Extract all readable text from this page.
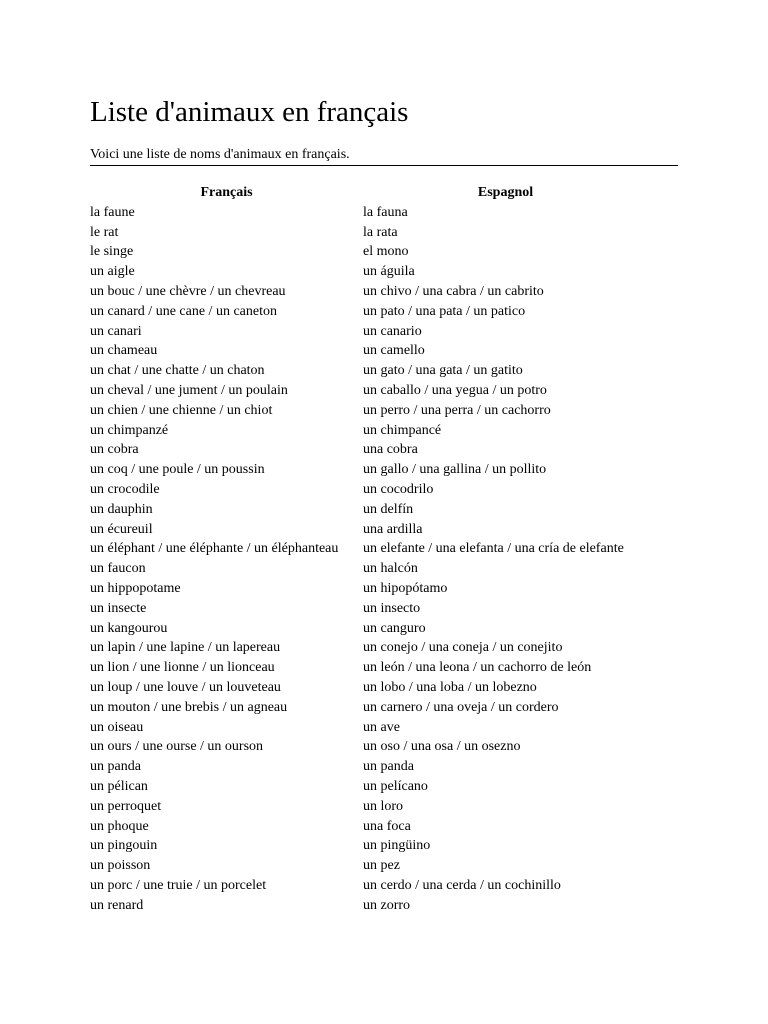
Liste d'animaux en français
Voici une liste de noms d'animaux en français.
Français	Espagnol
la faune	la fauna
le rat	la rata
le singe	el mono
un aigle	un águila
un bouc / une chèvre / un chevreau	un chivo / una cabra / un cabrito
un canard / une cane / un caneton	un pato / una pata / un patico
un canari	un canario
un chameau	un camello
un chat / une chatte / un chaton	un gato / una gata / un gatito
un cheval / une jument / un poulain	un caballo / una yegua / un potro
un chien / une chienne / un chiot	un perro / una perra / un cachorro
un chimpanzé	un chimpancé
un cobra	una cobra
un coq / une poule / un poussin	un gallo / una gallina / un pollito
un crocodile	un cocodrilo
un dauphin	un delfín
un écureuil	una ardilla
un éléphant / une éléphante / un éléphanteau	un elefante / una elefanta / una cría de elefante
un faucon	un halcón
un hippopotame	un hipopótamo
un insecte	un insecto
un kangourou	un canguro
un lapin / une lapine / un lapereau	un conejo / una coneja / un conejito
un lion / une lionne / un lionceau	un león / una leona / un cachorro de león
un loup / une louve / un louveteau	un lobo / una loba / un lobezno
un mouton / une brebis / un agneau	un carnero / una oveja / un cordero
un oiseau	un ave
un ours / une ourse / un ourson	un oso / una osa / un osezno
un panda	un panda
un pélican	un pelícano
un perroquet	un loro
un phoque	una foca
un pingouin	un pingüino
un poisson	un pez
un porc / une truie / un porcelet	un cerdo / una cerda / un cochinillo
un renard	un zorro
